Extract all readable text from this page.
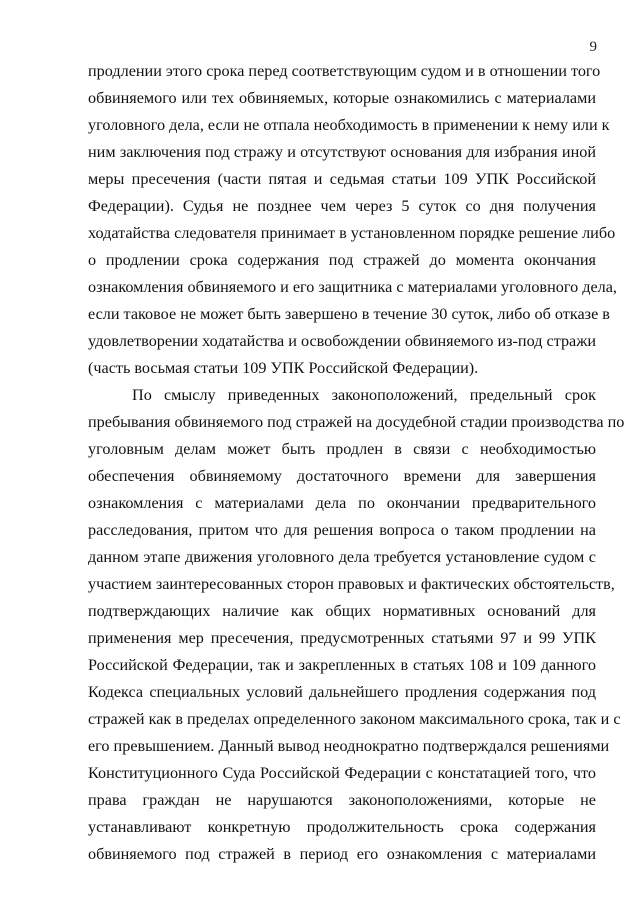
9
продлении этого срока перед соответствующим судом и в отношении того
обвиняемого или тех обвиняемых, которые ознакомились с материалами
уголовного дела, если не отпала необходимость в применении к нему или к
ним заключения под стражу и отсутствуют основания для избрания иной
меры пресечения (части пятая и седьмая статьи 109 УПК Российской
Федерации). Судья не позднее чем через 5 суток со дня получения
ходатайства следователя принимает в установленном порядке решение либо
о продлении срока содержания под стражей до момента окончания
ознакомления обвиняемого и его защитника с материалами уголовного дела,
если таковое не может быть завершено в течение 30 суток, либо об отказе в
удовлетворении ходатайства и освобождении обвиняемого из-под стражи
(часть восьмая статьи 109 УПК Российской Федерации).
По смыслу приведенных законоположений, предельный срок
пребывания обвиняемого под стражей на досудебной стадии производства по
уголовным делам может быть продлен в связи с необходимостью
обеспечения обвиняемому достаточного времени для завершения
ознакомления с материалами дела по окончании предварительного
расследования, притом что для решения вопроса о таком продлении на
данном этапе движения уголовного дела требуется установление судом с
участием заинтересованных сторон правовых и фактических обстоятельств,
подтверждающих наличие как общих нормативных оснований для
применения мер пресечения, предусмотренных статьями 97 и 99 УПК
Российской Федерации, так и закрепленных в статьях 108 и 109 данного
Кодекса специальных условий дальнейшего продления содержания под
стражей как в пределах определенного законом максимального срока, так и с
его превышением. Данный вывод неоднократно подтверждался решениями
Конституционного Суда Российской Федерации с констатацией того, что
права граждан не нарушаются законоположениями, которые не
устанавливают конкретную продолжительность срока содержания
обвиняемого под стражей в период его ознакомления с материалами
